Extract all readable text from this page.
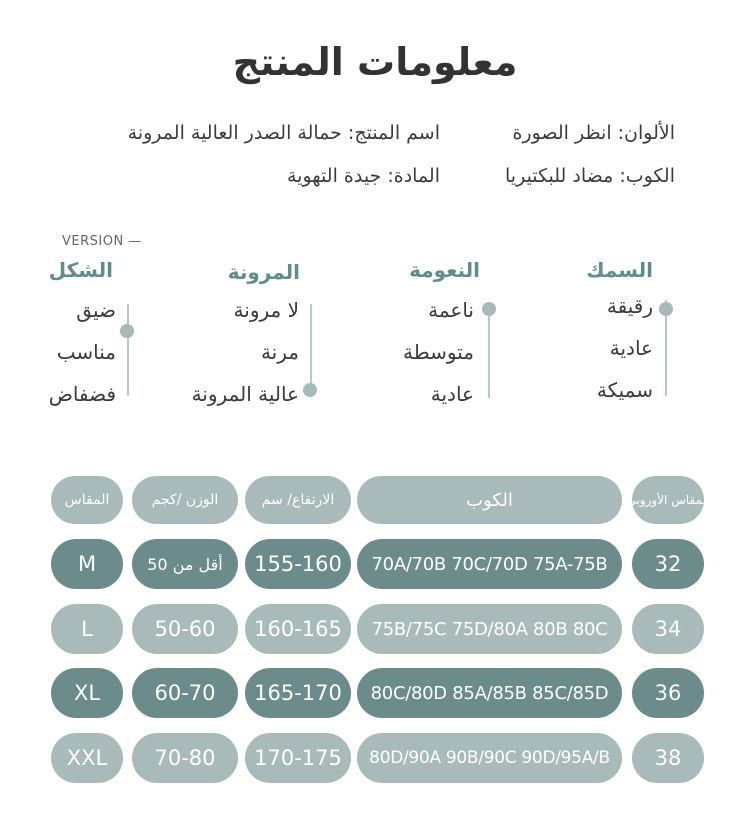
معلومات المنتج
الألوان: انظر الصورة
اسم المنتج: حمالة الصدر العالية المرونة
الكوب: مضاد للبكتيريا
المادة: جيدة التهوية
VERSION —
السمك
رقيقة
عادية
سميكة
النعومة
ناعمة
متوسطة
عادية
المرونة
لا مرونة
مرنة
عالية المرونة
الشكل
ضيق
مناسب
فضفاض
المقاس الأوروبي
الكوب
الارتفاع/ سم
الوزن /كجم
المقاس
32
70A/70B 70C/70D 75A-75B
155-160
أقل من 50
M
34
75B/75C 75D/80A 80B 80C
160-165
50-60
L
36
80C/80D 85A/85B 85C/85D
165-170
60-70
XL
38
80D/90A 90B/90C 90D/95A/B
170-175
70-80
XXL
